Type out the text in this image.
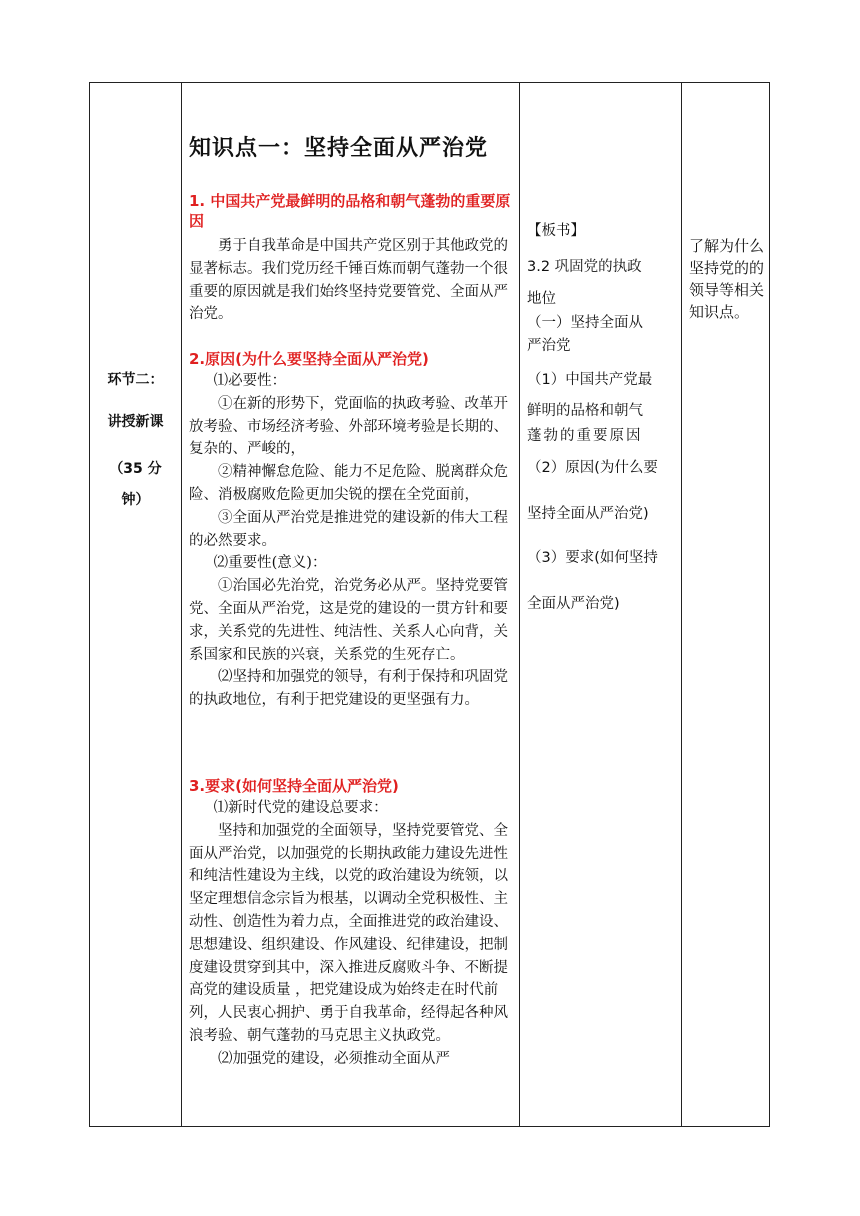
环节二：
讲授新课
（35 分
钟）
知识点一：坚持全面从严治党
1. 中国共产党最鲜明的品格和朝气蓬勃的重要原因

勇于自我革命是中国共产党区别于其他政党的显著标志。我们党历经千锤百炼而朝气蓬勃一个很重要的原因就是我们始终坚持党要管党、全面从严治党。

2.原因(为什么要坚持全面从严治党)

⑴必要性：

①在新的形势下，党面临的执政考验、改革开放考验、市场经济考验、外部环境考验是长期的、 复杂的、严峻的，

②精神懈怠危险、能力不足危险、脱离群众危险、消极腐败危险更加尖锐的摆在全党面前，

③全面从严治党是推进党的建设新的伟大工程的必然要求。

⑵重要性(意义)：

①治国必先治党，治党务必从严。坚持党要管党、全面从严治党，这是党的建设的一贯方针和要求，关系党的先进性、纯洁性、关系人心向背，关系国家和民族的兴衰，关系党的生死存亡。

⑵坚持和加强党的领导，有利于保持和巩固党的执政地位，有利于把党建设的更坚强有力。

3.要求(如何坚持全面从严治党)

⑴新时代党的建设总要求：

坚持和加强党的全面领导，坚持党要管党、全面从严治党，以加强党的长期执政能力建设先进性和纯洁性建设为主线，以党的政治建设为统领，以坚定理想信念宗旨为根基，以调动全党积极性、主动性、创造性为着力点，全面推进党的政治建设、思想建设、组织建设、作风建设、纪律建设，把制度建设贯穿到其中，深入推进反腐败斗争、不断提高党的建设质量 ，把党建设成为始终走在时代前列，人民衷心拥护、勇于自我革命，经得起各种风浪考验、朝气蓬勃的马克思主义执政党。

⑵加强党的建设，必须推动全面从严

【板书】
3.2 巩固党的执政
地位
（一）坚持全面从
严治党
（1）中国共产党最
鲜明的品格和朝气
蓬勃的重要原因
（2）原因(为什么要
坚持全面从严治党)
（3）要求(如何坚持
全面从严治党)
了解为什么坚持党的的领导等相关知识点。
